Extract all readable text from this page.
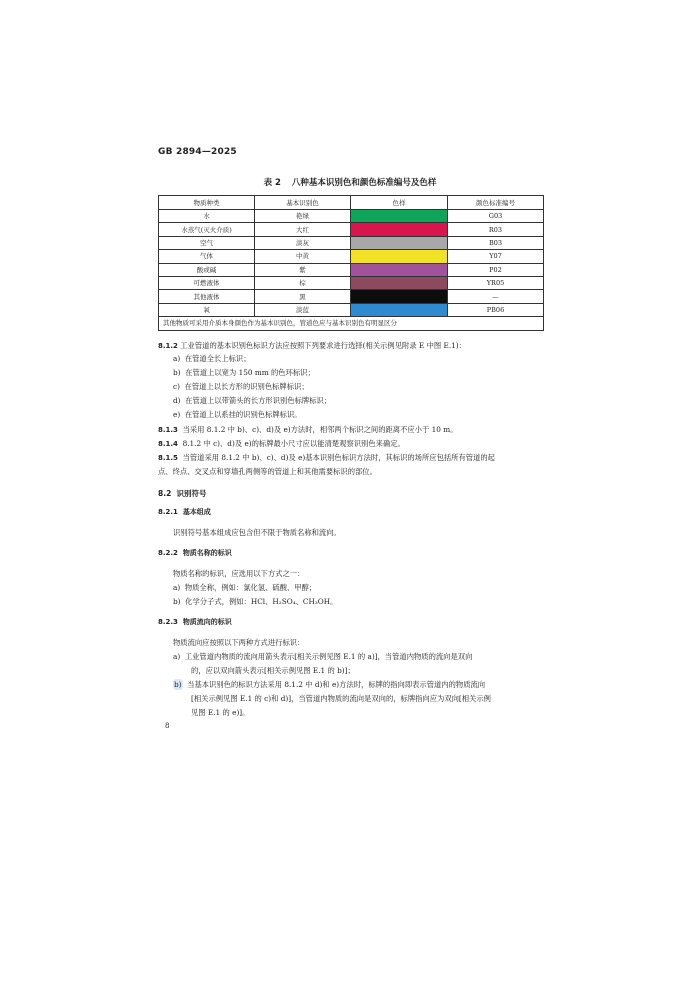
GB 2894—2025
表 2 八种基本识别色和颜色标准编号及色样
物质种类	基本识别色	色样	颜色标准编号
水	艳绿		G03
水蒸气(灭火介质)	大红		R03
空气	淡灰		B03
气体	中黄		Y07
酸或碱	紫		P02
可燃液体	棕		YR05
其他液体	黑		—
氧	淡蓝		PB06
其他物质可采用介质本身颜色作为基本识别色，管道色应与基本识别色有明显区分			
8.1.2 工业管道的基本识别色标识方法应按照下列要求进行选择(相关示例见附录 E 中图 E.1)：
a) 在管道全长上标识；
b) 在管道上以宽为 150 mm 的色环标识；
c) 在管道上以长方形的识别色标牌标识；
d) 在管道上以带箭头的长方形识别色标牌标识；
e) 在管道上以系挂的识别色标牌标识。
8.1.3 当采用 8.1.2 中 b)、c)、d)及 e)方法时，相邻两个标识之间的距离不应小于 10 m。
8.1.4 8.1.2 中 c)、d)及 e)的标牌最小尺寸应以能清楚观察识别色来确定。
8.1.5 当管道采用 8.1.2 中 b)、c)、d)及 e)基本识别色标识方法时，其标识的场所应包括所有管道的起
点、终点、交叉点和穿墙孔两侧等的管道上和其他需要标识的部位。
8.2 识别符号
8.2.1 基本组成
识别符号基本组成应包含但不限于物质名称和流向。
8.2.2 物质名称的标识
物质名称的标识，应选用以下方式之一：
a) 物质全称，例如：氯化氢、硫酸、甲醇；
b) 化学分子式，例如：HCl、H₂SO₄、CH₃OH。
8.2.3 物质流向的标识
物质流向应按照以下两种方式进行标识：
a) 工业管道内物质的流向用箭头表示[相关示例见图 E.1 的 a)]，当管道内物质的流向是双向
的，应以双向箭头表示[相关示例见图 E.1 的 b)]；
b) 当基本识别色的标识方法采用 8.1.2 中 d)和 e)方法时，标牌的指向即表示管道内的物质流向
[相关示例见图 E.1 的 c)和 d)]，当管道内物质的流向是双向的，标牌指向应为双向[相关示例
见图 E.1 的 e)]。
8
